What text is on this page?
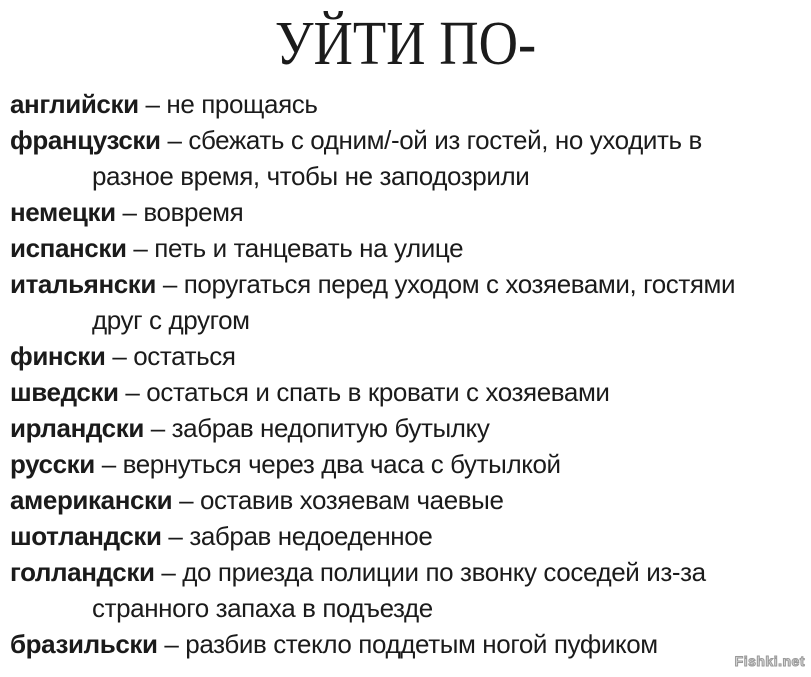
УЙТИ ПО-
английски – не прощаясь
французски – сбежать с одним/-ой из гостей, но уходить в
разное время, чтобы не заподозрили
немецки – вовремя
испански – петь и танцевать на улице
итальянски – поругаться перед уходом с хозяевами, гостями
друг с другом
фински – остаться
шведски – остаться и спать в кровати с хозяевами
ирландски – забрав недопитую бутылку
русски – вернуться через два часа с бутылкой
американски – оставив хозяевам чаевые
шотландски – забрав недоеденное
голландски – до приезда полиции по звонку соседей из-за
странного запаха в подъезде
бразильски – разбив стекло поддетым ногой пуфиком
Fishki.net
